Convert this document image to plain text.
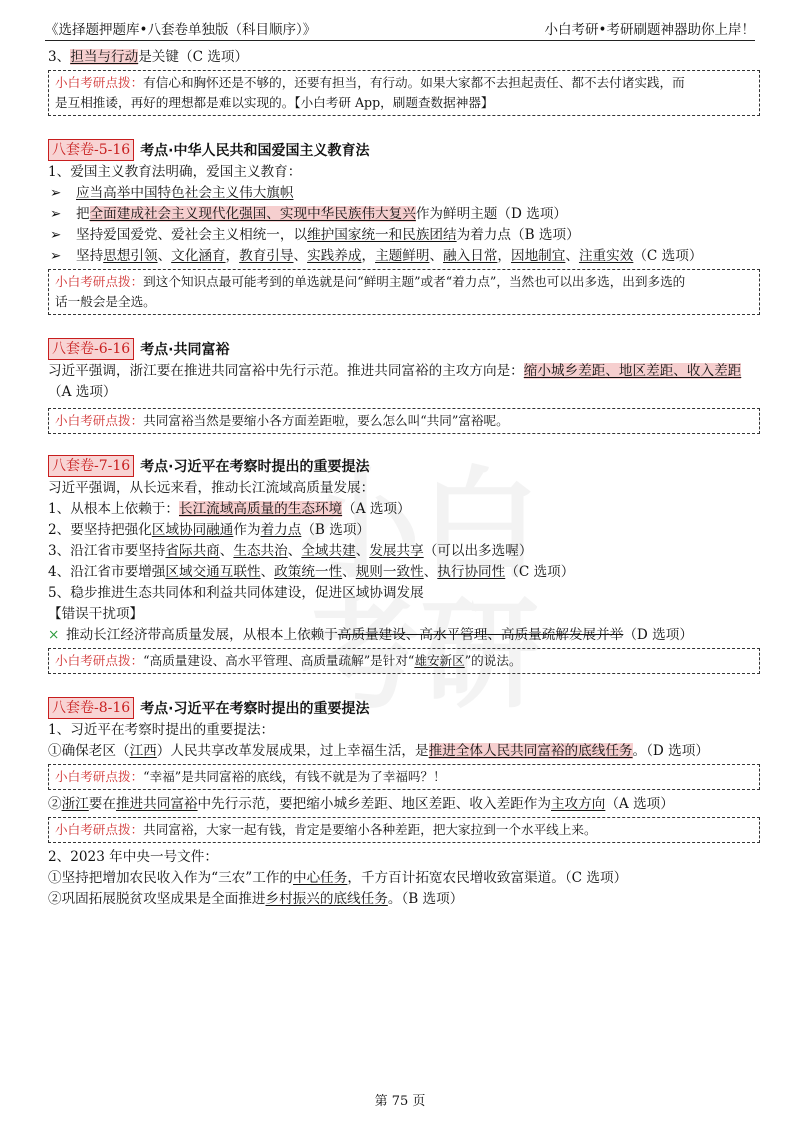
《选择题押题库•八套卷单独版（科目顺序）》	小白考研•考研刷题神器助你上岸！
3、担当与行动是关键（C 选项）
小白考研点拨：有信心和胸怀还是不够的，还要有担当，有行动。如果大家都不去担起责任、都不去付诸实践，而
是互相推诿，再好的理想都是难以实现的。【小白考研 App，刷题查数据神器】
八套卷-5-16 考点·中华人民共和国爱国主义教育法
1、爱国主义教育法明确，爱国主义教育：
➢ 应当高举中国特色社会主义伟大旗帜
➢ 把全面建成社会主义现代化强国、实现中华民族伟大复兴作为鲜明主题（D 选项）
➢ 坚持爱国爱党、爱社会主义相统一，以维护国家统一和民族团结为着力点（B 选项）
➢ 坚持思想引领、文化涵育，教育引导、实践养成，主题鲜明、融入日常，因地制宜、注重实效（C 选项）
小白考研点拨：到这个知识点最可能考到的单选就是问“鲜明主题”或者“着力点”，当然也可以出多选，出到多选的
话一般会是全选。
八套卷-6-16 考点·共同富裕
习近平强调，浙江要在推进共同富裕中先行示范。推进共同富裕的主攻方向是：缩小城乡差距、地区差距、收入差距
（A 选项）
小白考研点拨：共同富裕当然是要缩小各方面差距啦，要么怎么叫“共同”富裕呢。
八套卷-7-16 考点·习近平在考察时提出的重要提法
习近平强调，从长远来看，推动长江流域高质量发展：
1、从根本上依赖于：长江流域高质量的生态环境（A 选项）
2、要坚持把强化区域协同融通作为着力点（B 选项）
3、沿江省市要坚持省际共商、生态共治、全域共建、发展共享（可以出多选喔）
4、沿江省市要增强区域交通互联性、政策统一性、规则一致性、执行协同性（C 选项）
5、稳步推进生态共同体和利益共同体建设，促进区域协调发展
【错误干扰项】
× 推动长江经济带高质量发展，从根本上依赖于高质量建设、高水平管理、高质量疏解发展并举（D 选项）
小白考研点拨：“高质量建设、高水平管理、高质量疏解”是针对“雄安新区”的说法。
八套卷-8-16 考点·习近平在考察时提出的重要提法
1、习近平在考察时提出的重要提法：
①确保老区（江西）人民共享改革发展成果，过上幸福生活，是推进全体人民共同富裕的底线任务。（D 选项）
小白考研点拨：“幸福”是共同富裕的底线，有钱不就是为了幸福吗？！
②浙江要在推进共同富裕中先行示范，要把缩小城乡差距、地区差距、收入差距作为主攻方向（A 选项）
小白考研点拨：共同富裕，大家一起有钱，肯定是要缩小各种差距，把大家拉到一个水平线上来。
2、2023 年中央一号文件：
①坚持把增加农民收入作为“三农”工作的中心任务，千方百计拓宽农民增收致富渠道。（C 选项）
②巩固拓展脱贫攻坚成果是全面推进乡村振兴的底线任务。（B 选项）
第 75 页
